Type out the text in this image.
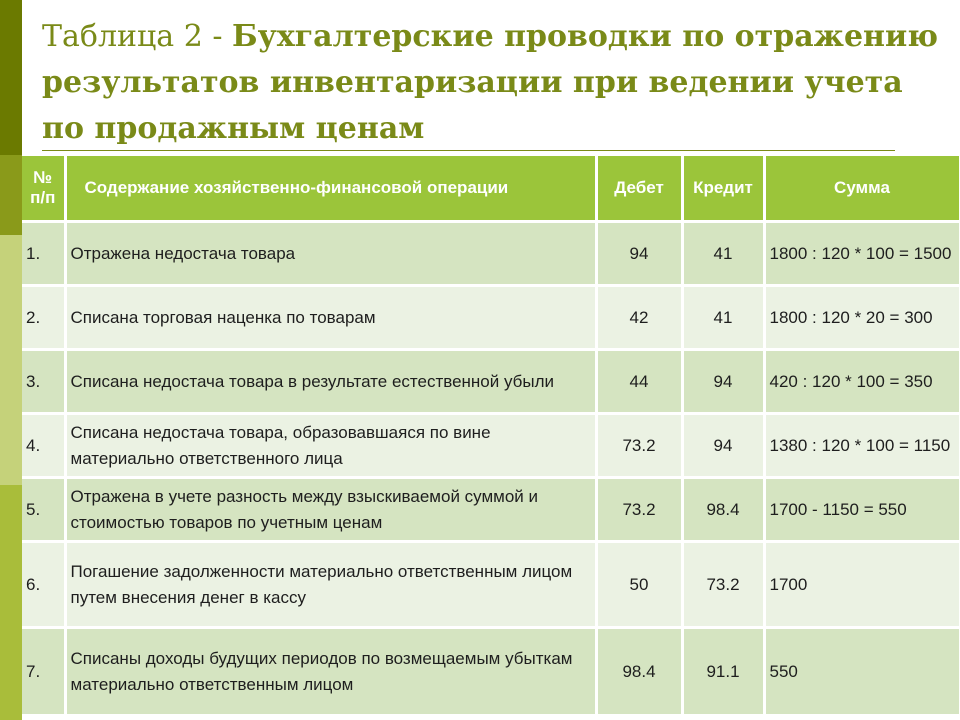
Таблица 2 - Бухгалтерские проводки по отражению результатов инвентаризации при ведении учета по продажным ценам
№ п/п	Содержание хозяйственно-финансовой операции	Дебет	Кредит	Сумма
1.	Отражена недостача товара	94	41	1800 : 120 * 100 = 1500
2.	Списана торговая наценка по товарам	42	41	1800 : 120 * 20 = 300
3.	Списана недостача товара в результате естественной убыли	44	94	420 : 120 * 100 = 350
4.	Списана недостача товара, образовавшаяся по вине материально ответственного лица	73.2	94	1380 : 120 * 100 = 1150
5.	Отражена в учете разность между взыскиваемой суммой и стоимостью товаров по учетным ценам	73.2	98.4	1700 - 1150 = 550
6.	Погашение задолженности материально ответственным лицом путем внесения денег в кассу	50	73.2	1700
7.	Списаны доходы будущих периодов по возмещаемым убыткам материально ответственным лицом	98.4	91.1	550
